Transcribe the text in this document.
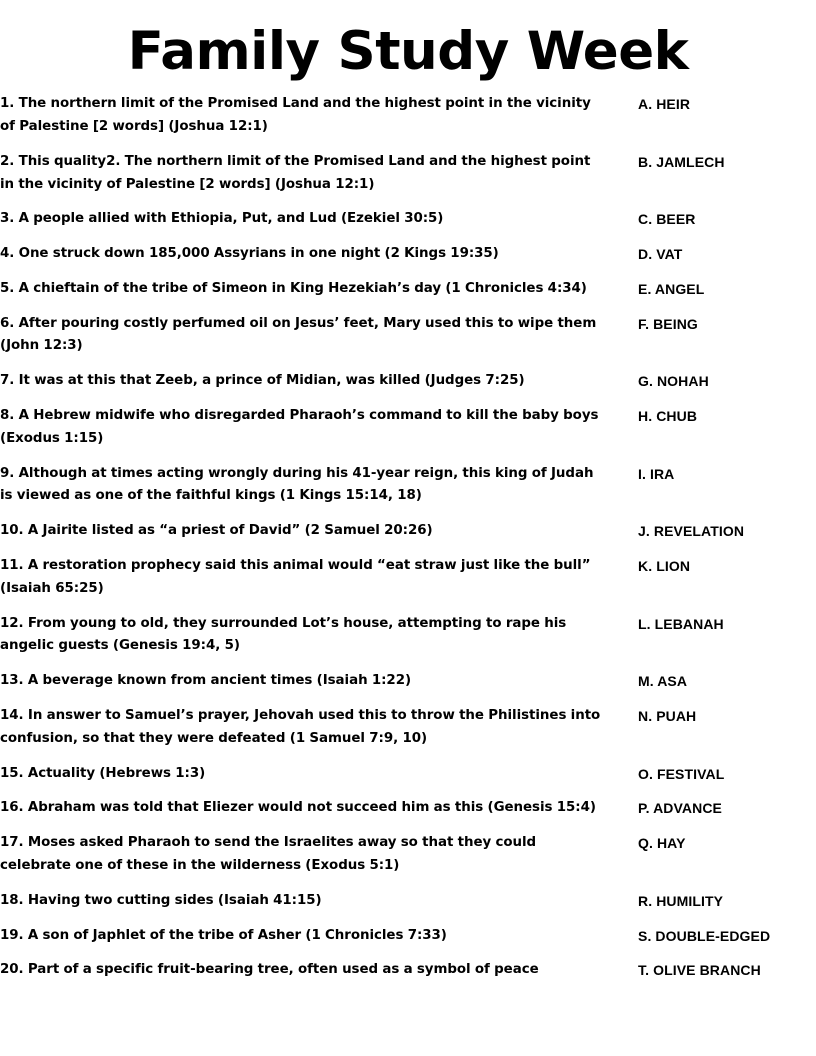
Family Study Week

1. The northern limit of the Promised Land and the highest point in the vicinity of Palestine [2 words] (Joshua 12:1)	A. HEIR

2. This quality2. The northern limit of the Promised Land and the highest point in the vicinity of Palestine [2 words] (Joshua 12:1)	B. JAMLECH

3. A people allied with Ethiopia, Put, and Lud (Ezekiel 30:5)	C. BEER

4. One struck down 185,000 Assyrians in one night (2 Kings 19:35)	D. VAT

5. A chieftain of the tribe of Simeon in King Hezekiah’s day (1 Chronicles 4:34)	E. ANGEL

6. After pouring costly perfumed oil on Jesus’ feet, Mary used this to wipe them (John 12:3)	F. BEING

7. It was at this that Zeeb, a prince of Midian, was killed (Judges 7:25)	G. NOHAH

8. A Hebrew midwife who disregarded Pharaoh’s command to kill the baby boys (Exodus 1:15)	H. CHUB

9. Although at times acting wrongly during his 41-year reign, this king of Judah is viewed as one of the faithful kings (1 Kings 15:14, 18)	I. IRA

10. A Jairite listed as “a priest of David” (2 Samuel 20:26)	J. REVELATION

11. A restoration prophecy said this animal would “eat straw just like the bull” (Isaiah 65:25)	K. LION

12. From young to old, they surrounded Lot’s house, attempting to rape his angelic guests (Genesis 19:4, 5)	L. LEBANAH

13. A beverage known from ancient times (Isaiah 1:22)	M. ASA

14. In answer to Samuel’s prayer, Jehovah used this to throw the Philistines into confusion, so that they were defeated (1 Samuel 7:9, 10)	N. PUAH

15. Actuality (Hebrews 1:3)	O. FESTIVAL

16. Abraham was told that Eliezer would not succeed him as this (Genesis 15:4)	P. ADVANCE

17. Moses asked Pharaoh to send the Israelites away so that they could celebrate one of these in the wilderness (Exodus 5:1)	Q. HAY

18. Having two cutting sides (Isaiah 41:15)	R. HUMILITY

19. A son of Japhlet of the tribe of Asher (1 Chronicles 7:33)	S. DOUBLE-EDGED

20. Part of a specific fruit-bearing tree, often used as a symbol of peace	T. OLIVE BRANCH
